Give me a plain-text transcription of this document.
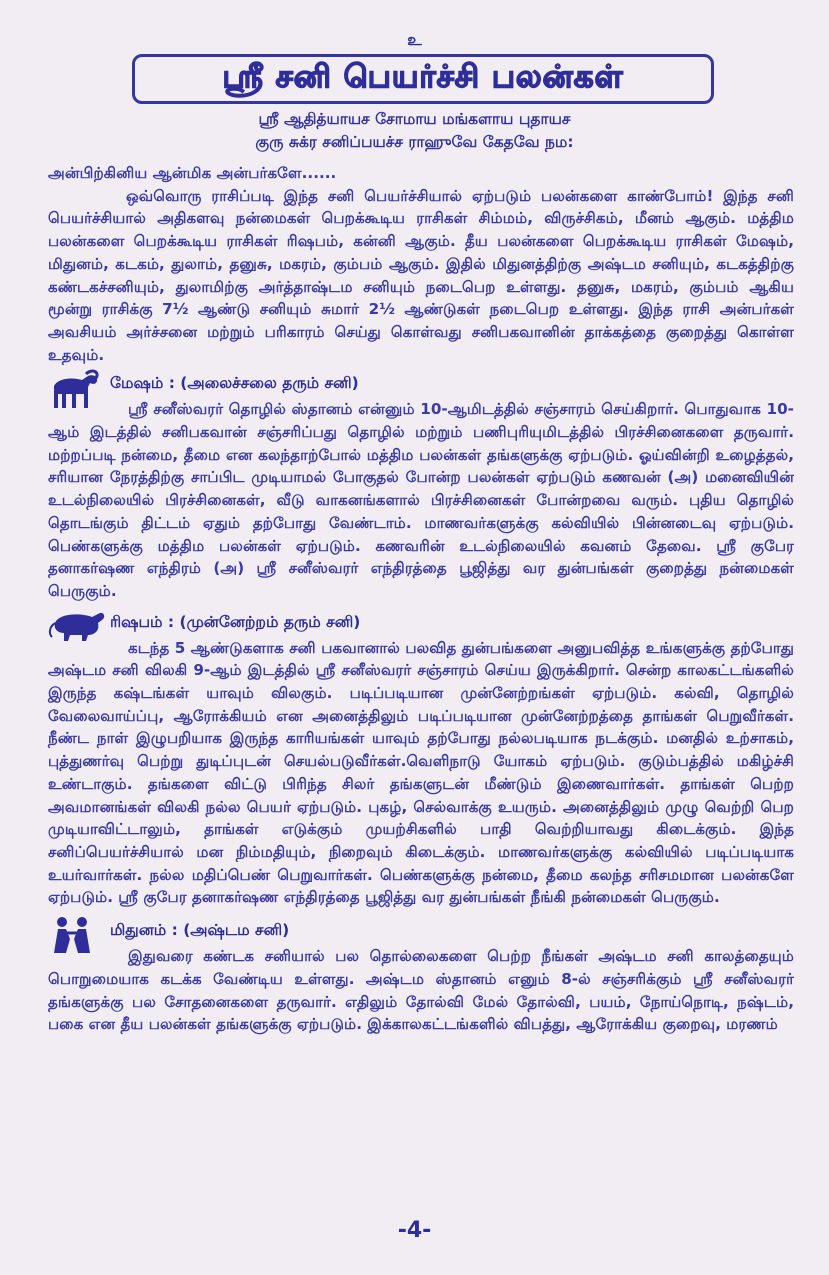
உ
ஸ்ரீ சனி பெயர்ச்சி பலன்கள்
ஸ்ரீ ஆதித்யாயச சோமாய மங்களாய புதாயச
குரு சுக்ர சனிப்பயச்ச ராஹுவே கேதவே நம:

அன்பிற்கினிய ஆன்மிக அன்பர்களே......

ஒவ்வொரு ராசிப்படி இந்த சனி பெயர்ச்சியால் ஏற்படும் பலன்களை காண்போம்! இந்த சனி பெயர்ச்சியால் அதிகளவு நன்மைகள் பெறக்கூடிய ராசிகள் சிம்மம், விருச்சிகம், மீனம் ஆகும். மத்திம பலன்களை பெறக்கூடிய ராசிகள் ரிஷபம், கன்னி ஆகும். தீய பலன்களை பெறக்கூடிய ராசிகள் மேஷம், மிதுனம், கடகம், துலாம், தனுசு, மகரம், கும்பம் ஆகும். இதில் மிதுனத்திற்கு அஷ்டம சனியும், கடகத்திற்கு கண்டகச்சனியும், துலாமிற்கு அர்த்தாஷ்டம சனியும் நடைபெற உள்ளது. தனுசு, மகரம், கும்பம் ஆகிய மூன்று ராசிக்கு 7½ ஆண்டு சனியும் சுமார் 2½ ஆண்டுகள் நடைபெற உள்ளது. இந்த ராசி அன்பர்கள் அவசியம் அர்ச்சனை மற்றும் பரிகாரம் செய்து கொள்வது சனிபகவானின் தாக்கத்தை குறைத்து கொள்ள உதவும்.

மேஷம் : (அலைச்சலை தரும் சனி)

ஸ்ரீ சனீஸ்வரர் தொழில் ஸ்தானம் என்னும் 10-ஆமிடத்தில் சஞ்சாரம் செய்கிறார். பொதுவாக 10-ஆம் இடத்தில் சனிபகவான் சஞ்சரிப்பது தொழில் மற்றும் பணிபுரியுமிடத்தில் பிரச்சினைகளை தருவார். மற்றப்படி நன்மை, தீமை என கலந்தாற்போல் மத்திம பலன்கள் தங்களுக்கு ஏற்படும். ஓய்வின்றி உழைத்தல், சரியான நேரத்திற்கு சாப்பிட முடியாமல் போகுதல் போன்ற பலன்கள் ஏற்படும் கணவன் (அ) மனைவியின் உடல்நிலையில் பிரச்சினைகள், வீடு வாகனங்களால் பிரச்சினைகள் போன்றவை வரும். புதிய தொழில் தொடங்கும் திட்டம் ஏதும் தற்போது வேண்டாம். மாணவர்களுக்கு கல்வியில் பின்னடைவு ஏற்படும். பெண்களுக்கு மத்திம பலன்கள் ஏற்படும். கணவரின் உடல்நிலையில் கவனம் தேவை. ஸ்ரீ குபேர தனாகர்ஷண எந்திரம் (அ) ஸ்ரீ சனீஸ்வரர் எந்திரத்தை பூஜித்து வர துன்பங்கள் குறைத்து நன்மைகள் பெருகும்.

ரிஷபம் : (முன்னேற்றம் தரும் சனி)

கடந்த 5 ஆண்டுகளாக சனி பகவானால் பலவித துன்பங்களை அனுபவித்த உங்களுக்கு தற்போது அஷ்டம சனி விலகி 9-ஆம் இடத்தில் ஸ்ரீ சனீஸ்வரர் சஞ்சாரம் செய்ய இருக்கிறார். சென்ற காலகட்டங்களில் இருந்த கஷ்டங்கள் யாவும் விலகும். படிப்படியான முன்னேற்றங்கள் ஏற்படும். கல்வி, தொழில் வேலைவாய்ப்பு, ஆரோக்கியம் என அனைத்திலும் படிப்படியான முன்னேற்றத்தை தாங்கள் பெறுவீர்கள். நீண்ட நாள் இழுபறியாக இருந்த காரியங்கள் யாவும் தற்போது நல்லபடியாக நடக்கும். மனதில் உற்சாகம், புத்துணர்வு பெற்று துடிப்புடன் செயல்படுவீர்கள்.வெளிநாடு யோகம் ஏற்படும். குடும்பத்தில் மகிழ்ச்சி உண்டாகும். தங்களை விட்டு பிரிந்த சிலர் தங்களுடன் மீண்டும் இணைவார்கள். தாங்கள் பெற்ற அவமானங்கள் விலகி நல்ல பெயர் ஏற்படும். புகழ், செல்வாக்கு உயரும். அனைத்திலும் முழு வெற்றி பெற முடியாவிட்டாலும், தாங்கள் எடுக்கும் முயற்சிகளில் பாதி வெற்றியாவது கிடைக்கும். இந்த சனிப்பெயர்ச்சியால் மன நிம்மதியும், நிறைவும் கிடைக்கும். மாணவர்களுக்கு கல்வியில் படிப்படியாக உயர்வார்கள். நல்ல மதிப்பெண் பெறுவார்கள். பெண்களுக்கு நன்மை, தீமை கலந்த சரிசமமான பலன்களே ஏற்படும். ஸ்ரீ குபேர தனாகர்ஷண எந்திரத்தை பூஜித்து வர துன்பங்கள் நீங்கி நன்மைகள் பெருகும்.

மிதுனம் : (அஷ்டம சனி)

இதுவரை கண்டக சனியால் பல தொல்லைகளை பெற்ற நீங்கள் அஷ்டம சனி காலத்தையும் பொறுமையாக கடக்க வேண்டிய உள்ளது. அஷ்டம ஸ்தானம் எனும் 8-ல் சஞ்சரிக்கும் ஸ்ரீ சனீஸ்வரர் தங்களுக்கு பல சோதனைகளை தருவார். எதிலும் தோல்வி மேல் தோல்வி, பயம், நோய்நொடி, நஷ்டம், பகை என தீய பலன்கள் தங்களுக்கு ஏற்படும். இக்காலகட்டங்களில் விபத்து, ஆரோக்கிய குறைவு, மரணம்

-4-
